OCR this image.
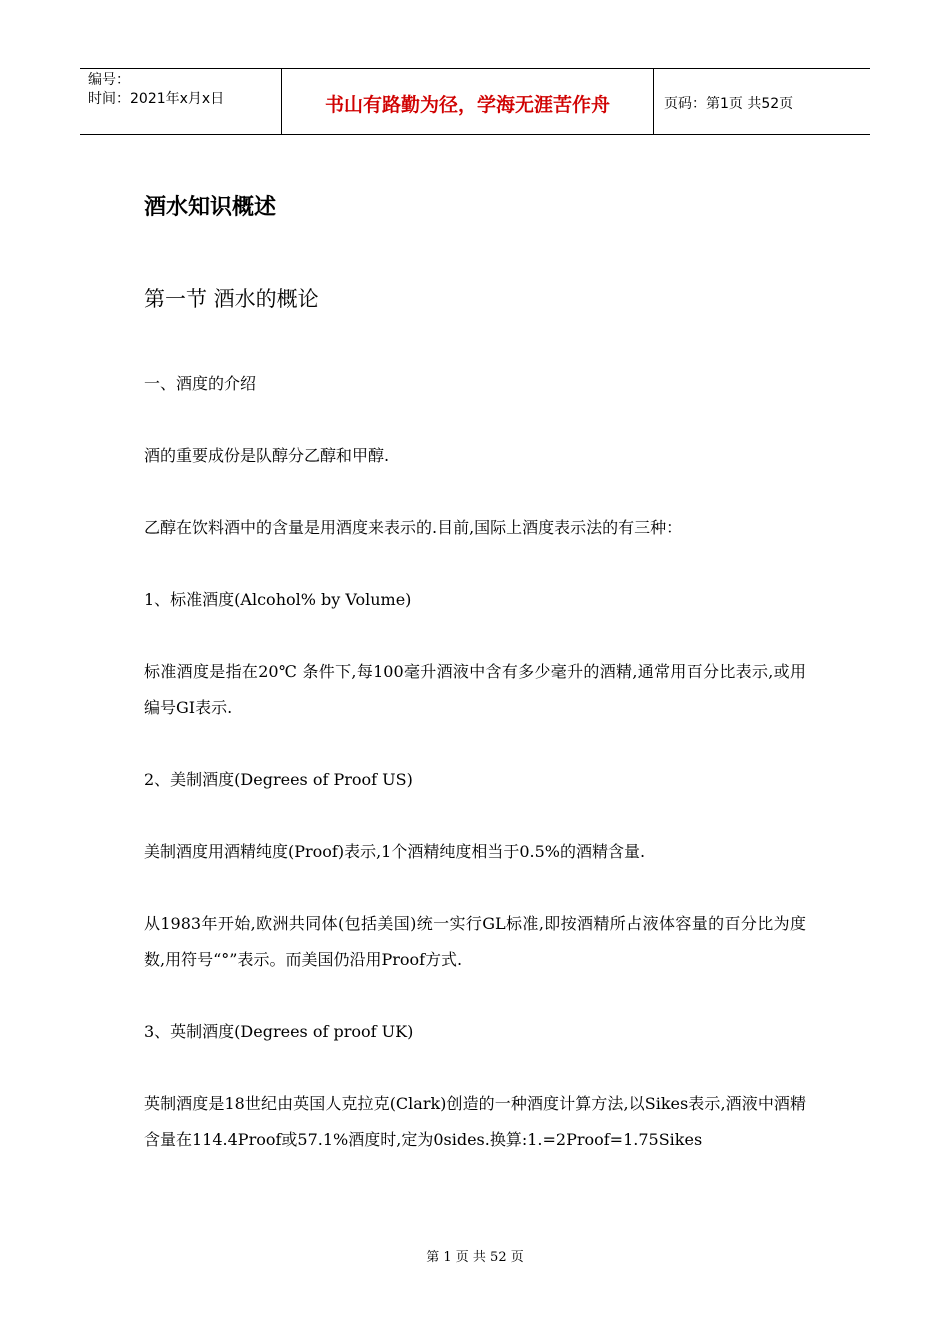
编号：
时间：2021年x月x日	书山有路勤为径，学海无涯苦作舟	页码：第1页 共52页
酒水知识概述
第一节 酒水的概论

一、酒度的介绍

酒的重要成份是队醇分乙醇和甲醇.

乙醇在饮料酒中的含量是用酒度来表示的.目前,国际上酒度表示法的有三种：

1、标准酒度(Alcohol% by Volume)

标准酒度是指在20℃ 条件下,每100毫升酒液中含有多少毫升的酒精,通常用百分比表示,或用编号GI表示.

2、美制酒度(Degrees of Proof US)

美制酒度用酒精纯度(Proof)表示,1个酒精纯度相当于0.5%的酒精含量.

从1983年开始,欧洲共同体(包括美国)统一实行GL标准,即按酒精所占液体容量的百分比为度数,用符号“°”表示。而美国仍沿用Proof方式.

3、英制酒度(Degrees of proof UK)

英制酒度是18世纪由英国人克拉克(Clark)创造的一种酒度计算方法,以Sikes表示,酒液中酒精含量在114.4Proof或57.1%酒度时,定为0sides.换算:1.=2Proof=1.75Sikes

第 1 页 共 52 页
